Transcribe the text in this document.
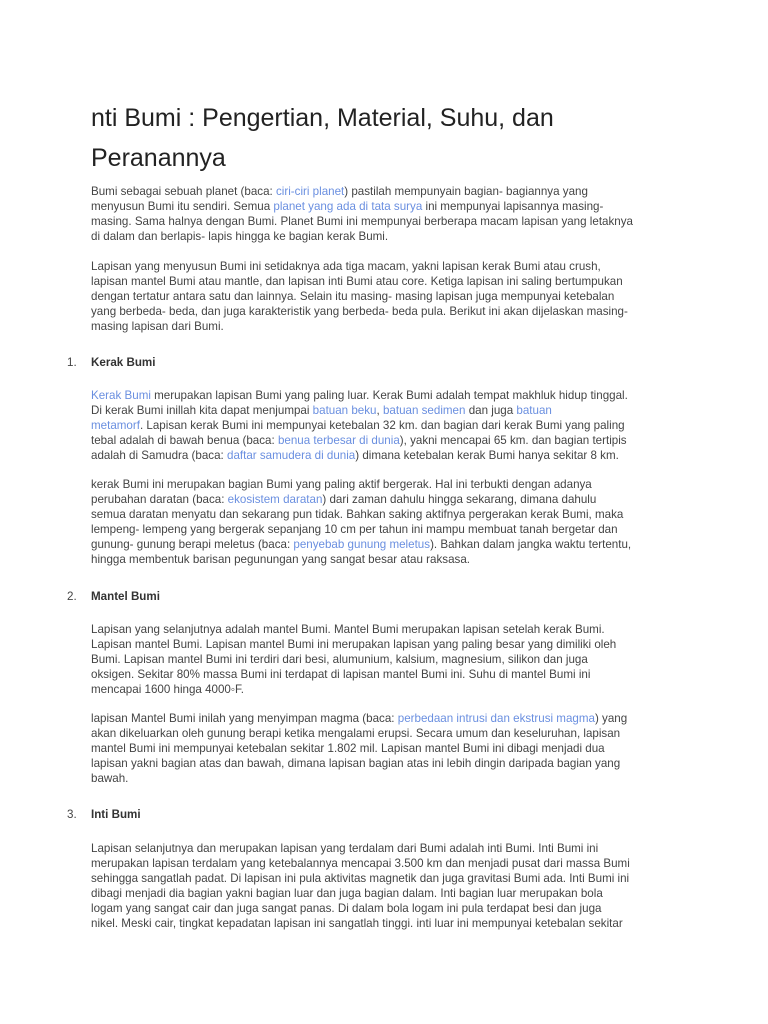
nti Bumi : Pengertian, Material, Suhu, dan
Peranannya

Bumi sebagai sebuah planet (baca: ciri-ciri planet) pastilah mempunyain bagian- bagiannya yang
menyusun Bumi itu sendiri. Semua planet yang ada di tata surya ini mempunyai lapisannya masing-
masing. Sama halnya dengan Bumi. Planet Bumi ini mempunyai berberapa macam lapisan yang letaknya
di dalam dan berlapis- lapis hingga ke bagian kerak Bumi.

Lapisan yang menyusun Bumi ini setidaknya ada tiga macam, yakni lapisan kerak Bumi atau crush,
lapisan mantel Bumi atau mantle, dan lapisan inti Bumi atau core. Ketiga lapisan ini saling bertumpukan
dengan tertatur antara satu dan lainnya. Selain itu masing- masing lapisan juga mempunyai ketebalan
yang berbeda- beda, dan juga karakteristik yang berbeda- beda pula. Berikut ini akan dijelaskan masing-
masing lapisan dari Bumi.

1. Kerak Bumi

Kerak Bumi merupakan lapisan Bumi yang paling luar. Kerak Bumi adalah tempat makhluk hidup tinggal.
Di kerak Bumi inillah kita dapat menjumpai batuan beku, batuan sedimen dan juga batuan
metamorf. Lapisan kerak Bumi ini mempunyai ketebalan 32 km. dan bagian dari kerak Bumi yang paling
tebal adalah di bawah benua (baca: benua terbesar di dunia), yakni mencapai 65 km. dan bagian tertipis
adalah di Samudra (baca: daftar samudera di dunia) dimana ketebalan kerak Bumi hanya sekitar 8 km.

kerak Bumi ini merupakan bagian Bumi yang paling aktif bergerak. Hal ini terbukti dengan adanya
perubahan daratan (baca: ekosistem daratan) dari zaman dahulu hingga sekarang, dimana dahulu
semua daratan menyatu dan sekarang pun tidak. Bahkan saking aktifnya pergerakan kerak Bumi, maka
lempeng- lempeng yang bergerak sepanjang 10 cm per tahun ini mampu membuat tanah bergetar dan
gunung- gunung berapi meletus (baca: penyebab gunung meletus). Bahkan dalam jangka waktu tertentu,
hingga membentuk barisan pegunungan yang sangat besar atau raksasa.

2. Mantel Bumi

Lapisan yang selanjutnya adalah mantel Bumi. Mantel Bumi merupakan lapisan setelah kerak Bumi.
Lapisan mantel Bumi. Lapisan mantel Bumi ini merupakan lapisan yang paling besar yang dimiliki oleh
Bumi. Lapisan mantel Bumi ini terdiri dari besi, alumunium, kalsium, magnesium, silikon dan juga
oksigen. Sekitar 80% massa Bumi ini terdapat di lapisan mantel Bumi ini. Suhu di mantel Bumi ini
mencapai 1600 hinga 4000◦F.

lapisan Mantel Bumi inilah yang menyimpan magma (baca: perbedaan intrusi dan ekstrusi magma) yang
akan dikeluarkan oleh gunung berapi ketika mengalami erupsi. Secara umum dan keseluruhan, lapisan
mantel Bumi ini mempunyai ketebalan sekitar 1.802 mil. Lapisan mantel Bumi ini dibagi menjadi dua
lapisan yakni bagian atas dan bawah, dimana lapisan bagian atas ini lebih dingin daripada bagian yang
bawah.

3. Inti Bumi

Lapisan selanjutnya dan merupakan lapisan yang terdalam dari Bumi adalah inti Bumi. Inti Bumi ini
merupakan lapisan terdalam yang ketebalannya mencapai 3.500 km dan menjadi pusat dari massa Bumi
sehingga sangatlah padat. Di lapisan ini pula aktivitas magnetik dan juga gravitasi Bumi ada. Inti Bumi ini
dibagi menjadi dia bagian yakni bagian luar dan juga bagian dalam. Inti bagian luar merupakan bola
logam yang sangat cair dan juga sangat panas. Di dalam bola logam ini pula terdapat besi dan juga
nikel. Meski cair, tingkat kepadatan lapisan ini sangatlah tinggi. inti luar ini mempunyai ketebalan sekitar
